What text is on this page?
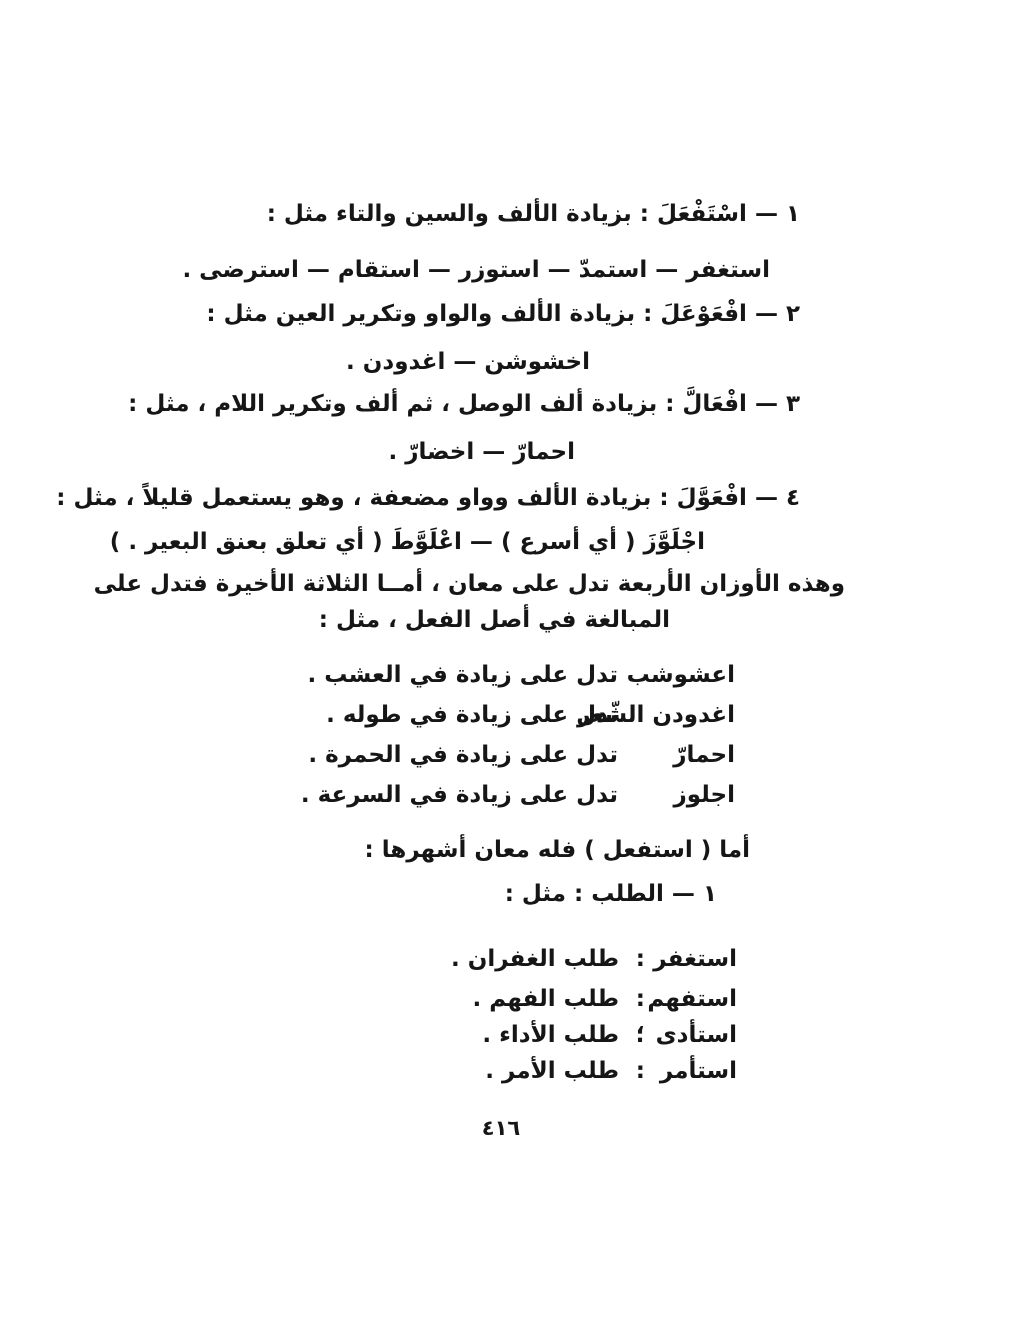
١ — اسْتَفْعَلَ : بزيادة الألف والسين والتاء مثل :
استغفر — استمدّ — استوزر — استقام — استرضى .
٢ — افْعَوْعَلَ : بزيادة الألف والواو وتكرير العين مثل :
اخشوشن — اغدودن .
٣ — افْعَالَّ : بزيادة ألف الوصل ، ثم ألف وتكرير اللام ، مثل :
احمارّ — اخضارّ .
٤ — افْعَوَّلَ : بزيادة الألف وواو مضعفة ، وهو يستعمل قليلاً ، مثل :
اجْلَوَّزَ ( أي أسرع ) — اعْلَوَّطَ ( أي تعلق بعنق البعير . )
وهذه الأوزان الأربعة تدل على معان ، أمــا الثلاثة الأخيرة فتدل على
المبالغة في أصل الفعل ، مثل :
اعشوشب
تدل على زيادة في العشب .
اغدودن الشّعر
تدل على زيادة في طوله .
احمارّ
تدل على زيادة في الحمرة .
اجلوز
تدل على زيادة في السرعة .
أما ( استفعل ) فله معان أشهرها :
١ — الطلب : مثل :
استغفر
:
طلب الغفران .
استفهم
:
طلب الفهم .
استأدى
؛
طلب الأداء .
استأمر
:
طلب الأمر .
٤١٦
